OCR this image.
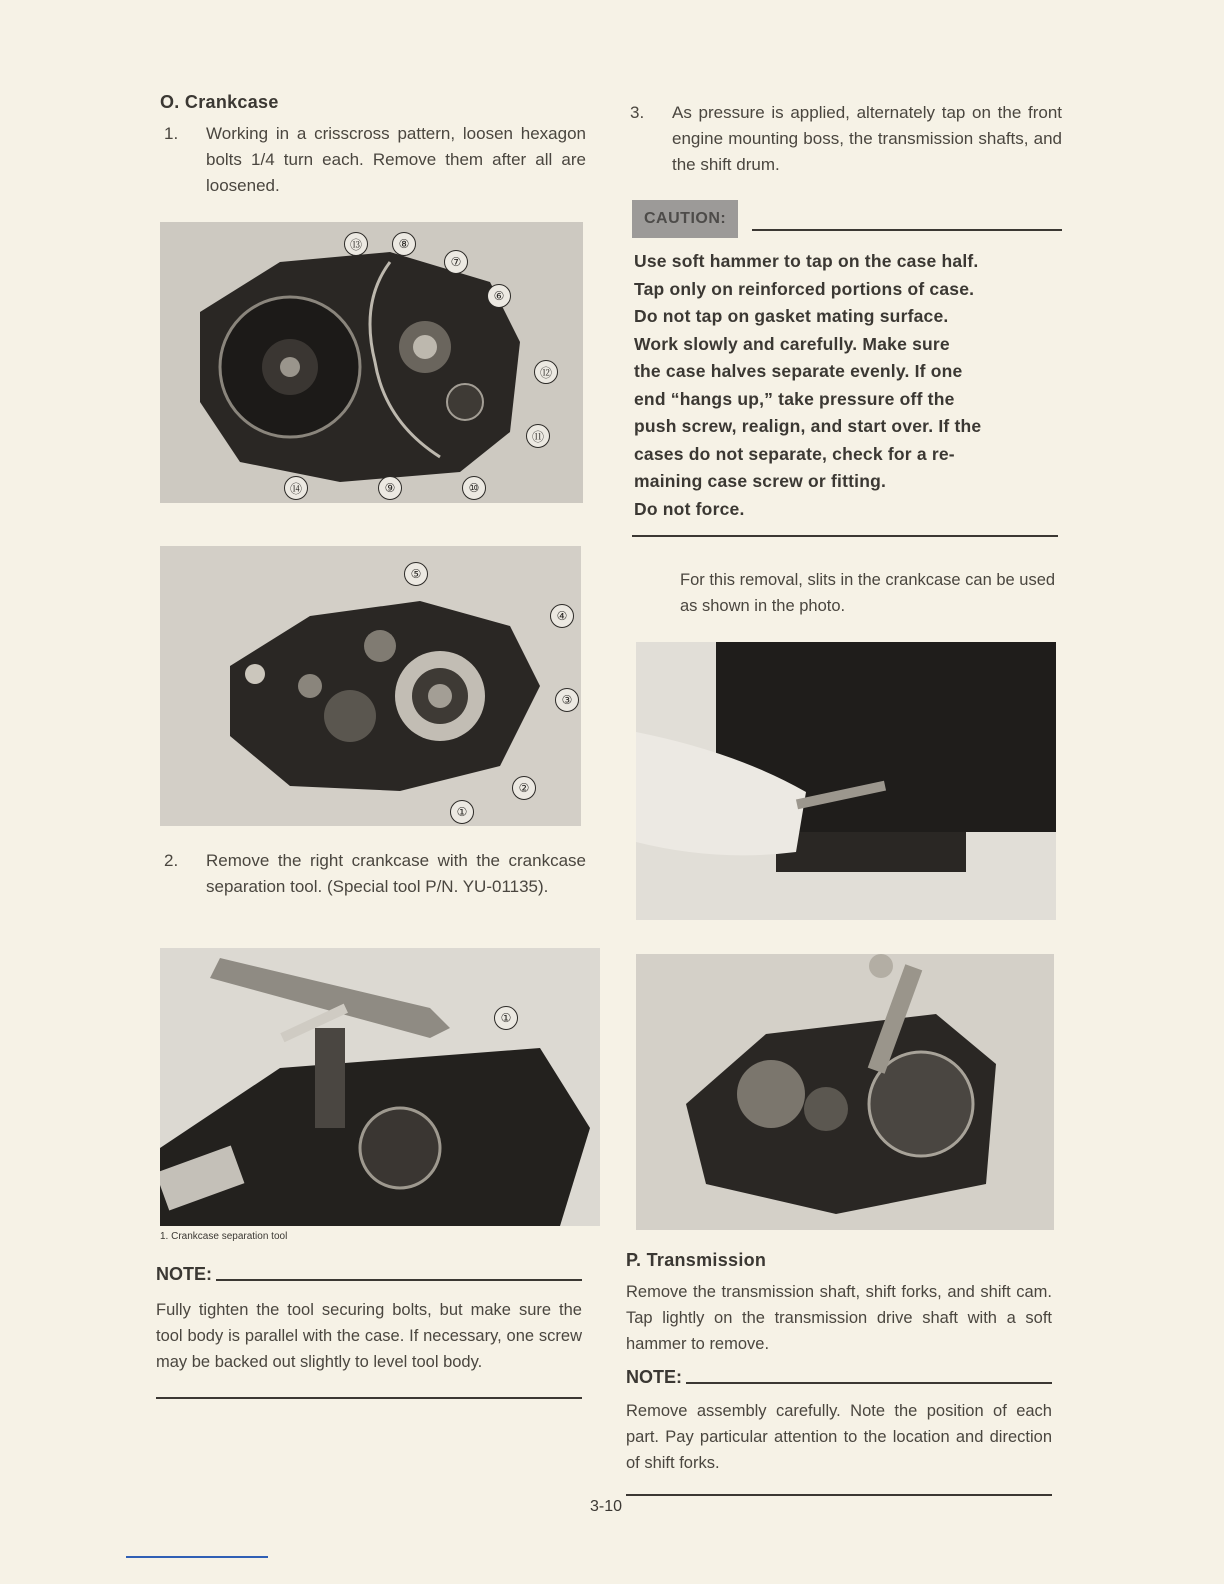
O. Crankcase
1.	Working in a crisscross pattern, loosen hexagon bolts 1/4 turn each. Remove them after all are loosened.
⑬	⑧
⑦
⑥
⑫
⑪
⑭	⑨	⑩
⑤
④
③
②
①
2.	Remove the right crankcase with the crankcase separation tool. (Special tool P/N. YU-01135).
①
1. Crankcase separation tool
NOTE:
Fully tighten the tool securing bolts, but make sure the tool body is parallel with the case. If necessary, one screw may be backed out slightly to level tool body.
3.	As pressure is applied, alternately tap on the front engine mounting boss, the transmission shafts, and the shift drum.
CAUTION:
Use soft hammer to tap on the case half.
Tap only on reinforced portions of case.
Do not tap on gasket mating surface.
Work slowly and carefully. Make sure
the case halves separate evenly. If one
end “hangs up,” take pressure off the
push screw, realign, and start over. If the
cases do not separate, check for a re-
maining case screw or fitting.
Do not force.
For this removal, slits in the crankcase can be used as shown in the photo.
P. Transmission
Remove the transmission shaft, shift forks, and shift cam. Tap lightly on the transmission drive shaft with a soft hammer to remove.
NOTE:
Remove assembly carefully. Note the position of each part. Pay particular attention to the location and direction of shift forks.
3-10
